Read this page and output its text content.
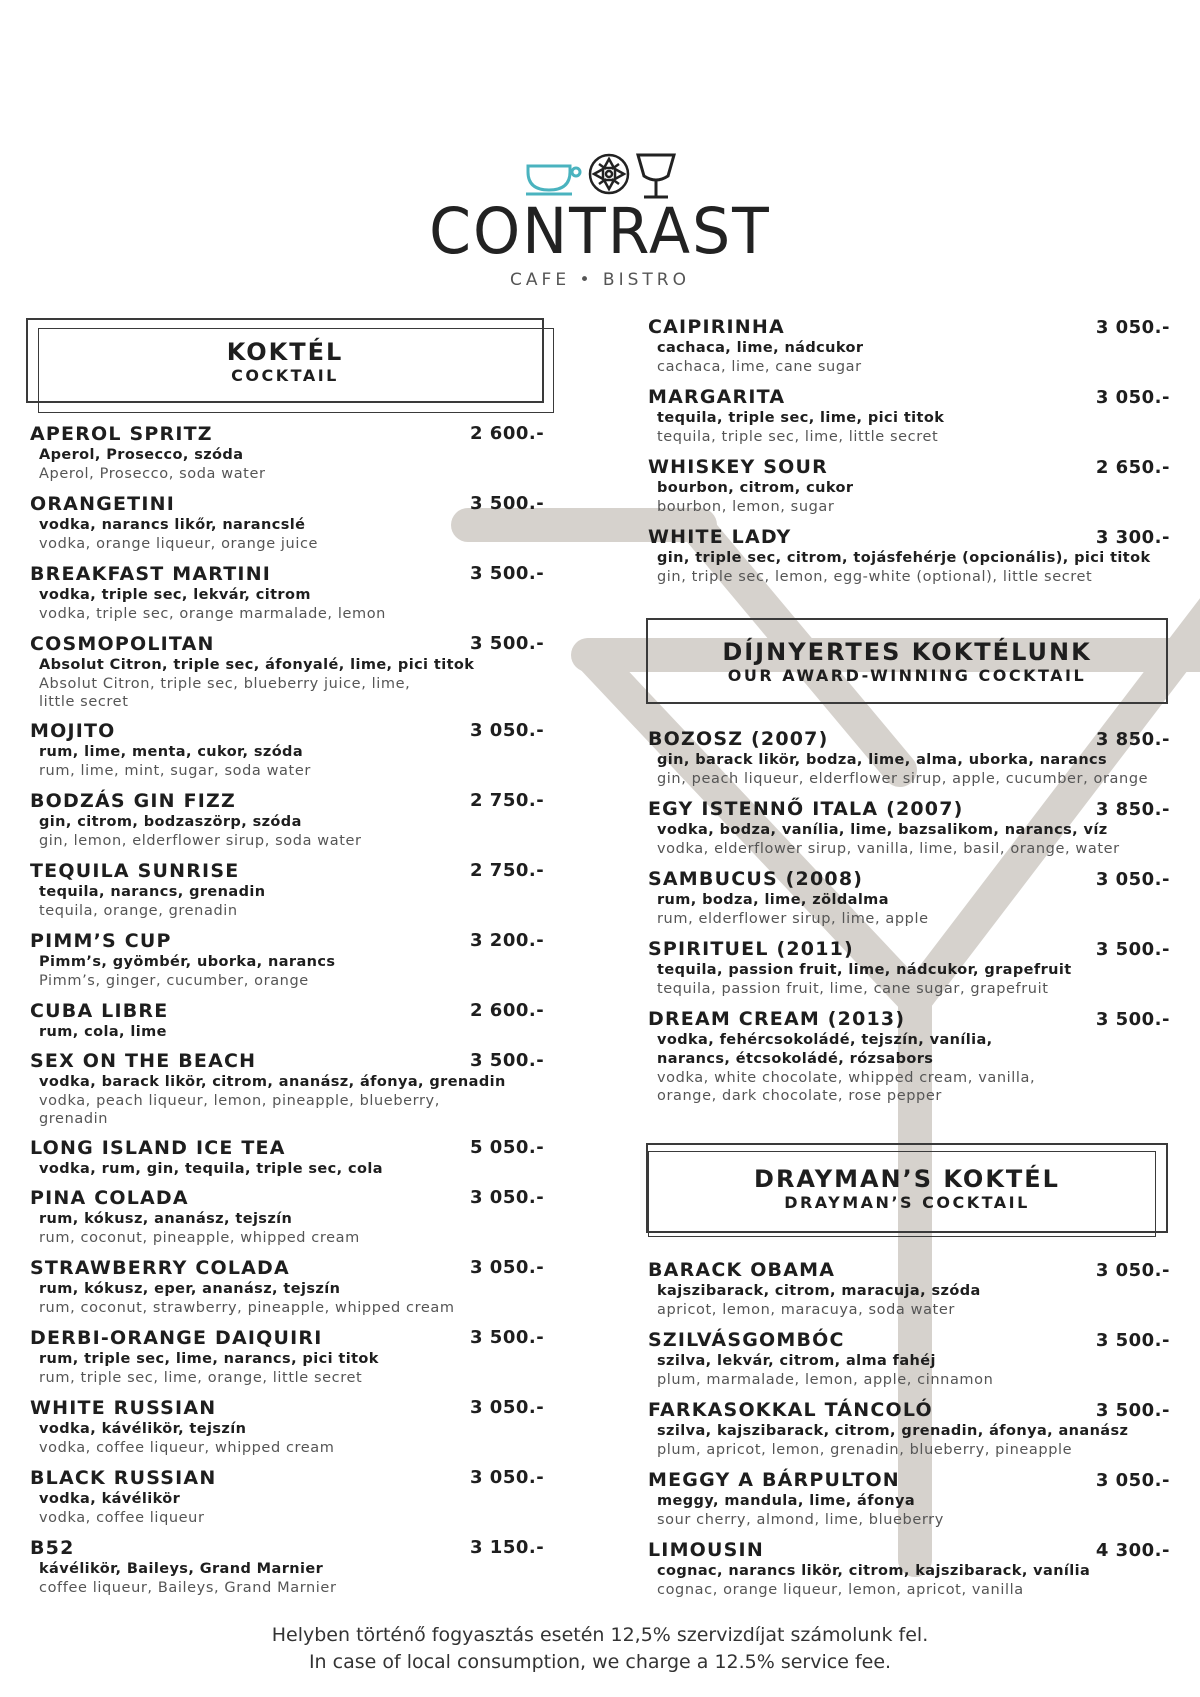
CONTRAST
CAFE • BISTRO
KOKTÉL
COCKTAIL
APEROL SPRITZ	2 600.-
Aperol, Prosecco, szóda
Aperol, Prosecco, soda water
ORANGETINI	3 500.-
vodka, narancs likőr, narancslé
vodka, orange liqueur, orange juice
BREAKFAST MARTINI	3 500.-
vodka, triple sec, lekvár, citrom
vodka, triple sec, orange marmalade, lemon
COSMOPOLITAN	3 500.-
Absolut Citron, triple sec, áfonyalé, lime, pici titok
Absolut Citron, triple sec, blueberry juice, lime, little secret
MOJITO	3 050.-
rum, lime, menta, cukor, szóda
rum, lime, mint, sugar, soda water
BODZÁS GIN FIZZ	2 750.-
gin, citrom, bodzaszörp, szóda
gin, lemon, elderflower sirup, soda water
TEQUILA SUNRISE	2 750.-
tequila, narancs, grenadin
tequila, orange, grenadin
PIMM’S CUP	3 200.-
Pimm’s, gyömbér, uborka, narancs
Pimm’s, ginger, cucumber, orange
CUBA LIBRE	2 600.-
rum, cola, lime
SEX ON THE BEACH	3 500.-
vodka, barack likör, citrom, ananász, áfonya, grenadin
vodka, peach liqueur, lemon, pineapple, blueberry, grenadin
LONG ISLAND ICE TEA	5 050.-
vodka, rum, gin, tequila, triple sec, cola
PINA COLADA	3 050.-
rum, kókusz, ananász, tejszín
rum, coconut, pineapple, whipped cream
STRAWBERRY COLADA	3 050.-
rum, kókusz, eper, ananász, tejszín
rum, coconut, strawberry, pineapple, whipped cream
DERBI-ORANGE DAIQUIRI	3 500.-
rum, triple sec, lime, narancs, pici titok
rum, triple sec, lime, orange, little secret
WHITE RUSSIAN	3 050.-
vodka, kávélikör, tejszín
vodka, coffee liqueur, whipped cream
BLACK RUSSIAN	3 050.-
vodka, kávélikör
vodka, coffee liqueur
B52	3 150.-
kávélikör, Baileys, Grand Marnier
coffee liqueur, Baileys, Grand Marnier
CAIPIRINHA	3 050.-
cachaca, lime, nádcukor
cachaca, lime, cane sugar
MARGARITA	3 050.-
tequila, triple sec, lime, pici titok
tequila, triple sec, lime, little secret
WHISKEY SOUR	2 650.-
bourbon, citrom, cukor
bourbon, lemon, sugar
WHITE LADY	3 300.-
gin, triple sec, citrom, tojásfehérje (opcionális), pici titok
gin, triple sec, lemon, egg-white (optional), little secret
DÍJNYERTES KOKTÉLUNK
OUR AWARD-WINNING COCKTAIL
BOZOSZ (2007)	3 850.-
gin, barack likör, bodza, lime, alma, uborka, narancs
gin, peach liqueur, elderflower sirup, apple, cucumber, orange
EGY ISTENNŐ ITALA (2007)	3 850.-
vodka, bodza, vanília, lime, bazsalikom, narancs, víz
vodka, elderflower sirup, vanilla, lime, basil, orange, water
SAMBUCUS (2008)	3 050.-
rum, bodza, lime, zöldalma
rum, elderflower sirup, lime, apple
SPIRITUEL (2011)	3 500.-
tequila, passion fruit, lime, nádcukor, grapefruit
tequila, passion fruit, lime, cane sugar, grapefruit
DREAM CREAM (2013)	3 500.-
vodka, fehércsokoládé, tejszín, vanília, narancs, étcsokoládé, rózsabors
vodka, white chocolate, whipped cream, vanilla, orange, dark chocolate, rose pepper
DRAYMAN’S KOKTÉL
DRAYMAN’S COCKTAIL
BARACK OBAMA	3 050.-
kajszibarack, citrom, maracuja, szóda
apricot, lemon, maracuya, soda water
SZILVÁSGOMBÓC	3 500.-
szilva, lekvár, citrom, alma fahéj
plum, marmalade, lemon, apple, cinnamon
FARKASOKKAL TÁNCOLÓ	3 500.-
szilva, kajszibarack, citrom, grenadin, áfonya, ananász
plum, apricot, lemon, grenadin, blueberry, pineapple
MEGGY A BÁRPULTON	3 050.-
meggy, mandula, lime, áfonya
sour cherry, almond, lime, blueberry
LIMOUSIN	4 300.-
cognac, narancs likör, citrom, kajszibarack, vanília
cognac, orange liqueur, lemon, apricot, vanilla
Helyben történő fogyasztás esetén 12,5% szervizdíjat számolunk fel.
In case of local consumption, we charge a 12.5% service fee.
